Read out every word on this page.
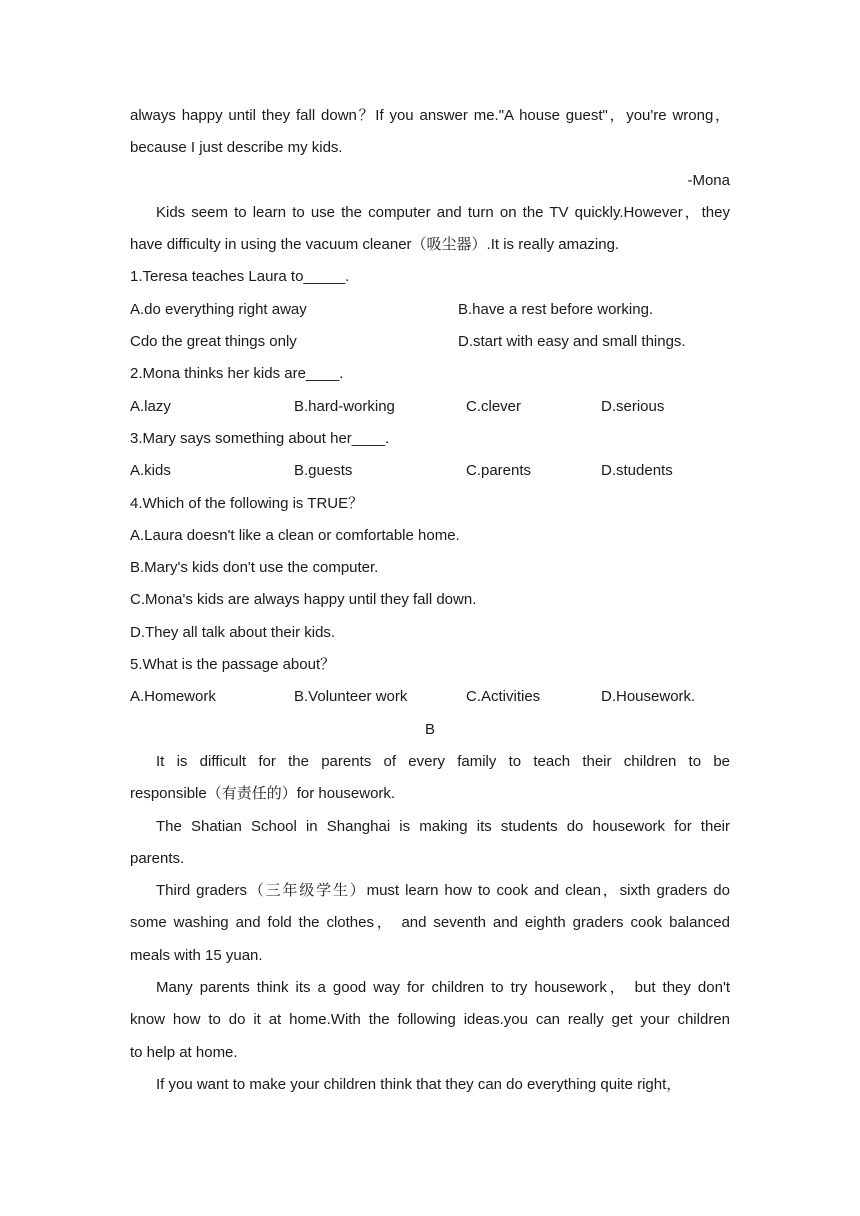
always happy until they fall down？If you answer me."A house guest"，you're wrong，
because I just describe my kids.
-Mona
Kids seem to learn to use the computer and turn on the TV quickly.However，they
have difficulty in using the vacuum cleaner（吸尘器）.It is really amazing.
1.Teresa teaches Laura to_____.
A.do everything right away	B.have a rest before working.
Cdo the great things only	D.start with easy and small things.
2.Mona thinks her kids are____.
A.lazy	B.hard-working	C.clever	D.serious
3.Mary says something about her____.
A.kids	B.guests	C.parents	D.students
4.Which of the following is TRUE？
A.Laura doesn't like a clean or comfortable home.
B.Mary's kids don't use the computer.
C.Mona's kids are always happy until they fall down.
D.They all talk about their kids.
5.What is the passage about？
A.Homework	B.Volunteer work	C.Activities	D.Housework.
B
It is difficult for the parents of every family to teach their children to be
responsible（有责任的）for housework.
The Shatian School in Shanghai is making its students do housework for their
parents.
Third graders（三年级学生）must learn how to cook and clean，sixth graders do
some washing and fold the clothes， and seventh and eighth graders cook balanced
meals with 15 yuan.
Many parents think its a good way for children to try housework， but they don't
know how to do it at home.With the following ideas.you can really get your children
to help at home.
If you want to make your children think that they can do everything quite right，
